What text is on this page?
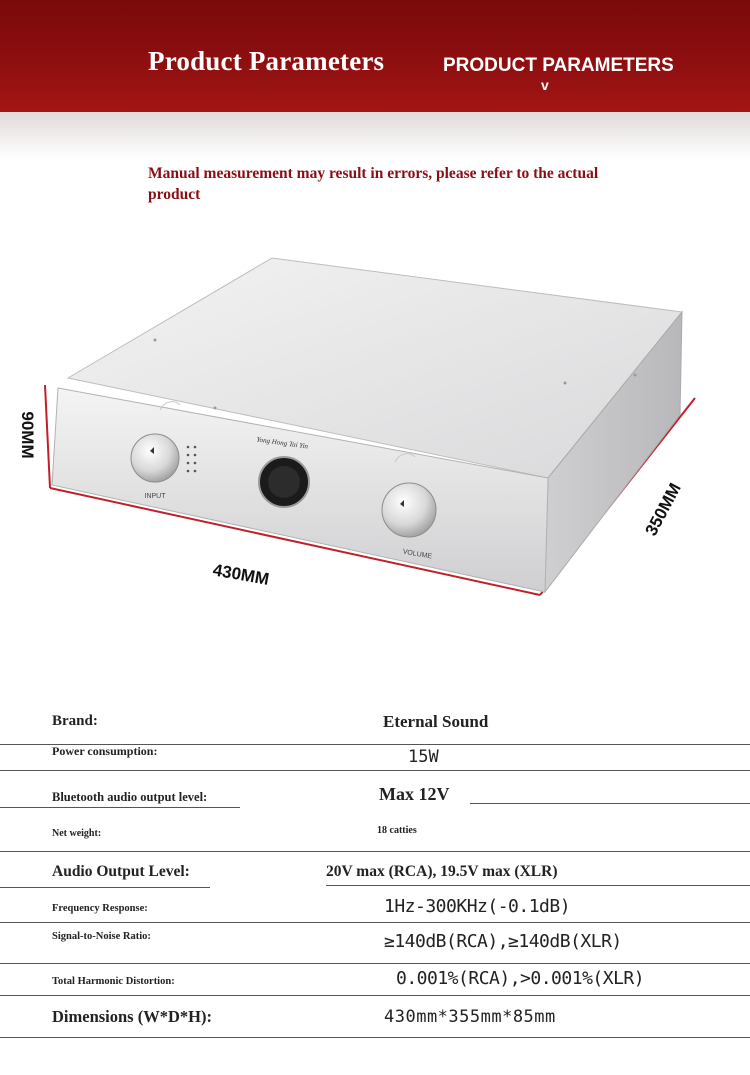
Product Parameters	PRODUCT PARAMETERS
v
Manual measurement may result in errors, please refer to the actual product
INPUT
Yong Hong Tai Yin
VOLUME
90MM
430MM
350MM
Brand:	Eternal Sound
Power consumption:	15W
Bluetooth audio output level:	Max 12V
Net weight:	18 catties
Audio Output Level:	20V max (RCA), 19.5V max (XLR)
Frequency Response:	1Hz-300KHz(-0.1dB)
Signal-to-Noise Ratio:	≥140dB(RCA),≥140dB(XLR)
Total Harmonic Distortion:	0.001%(RCA),>0.001%(XLR)
Dimensions (W*D*H):	430mm*355mm*85mm
